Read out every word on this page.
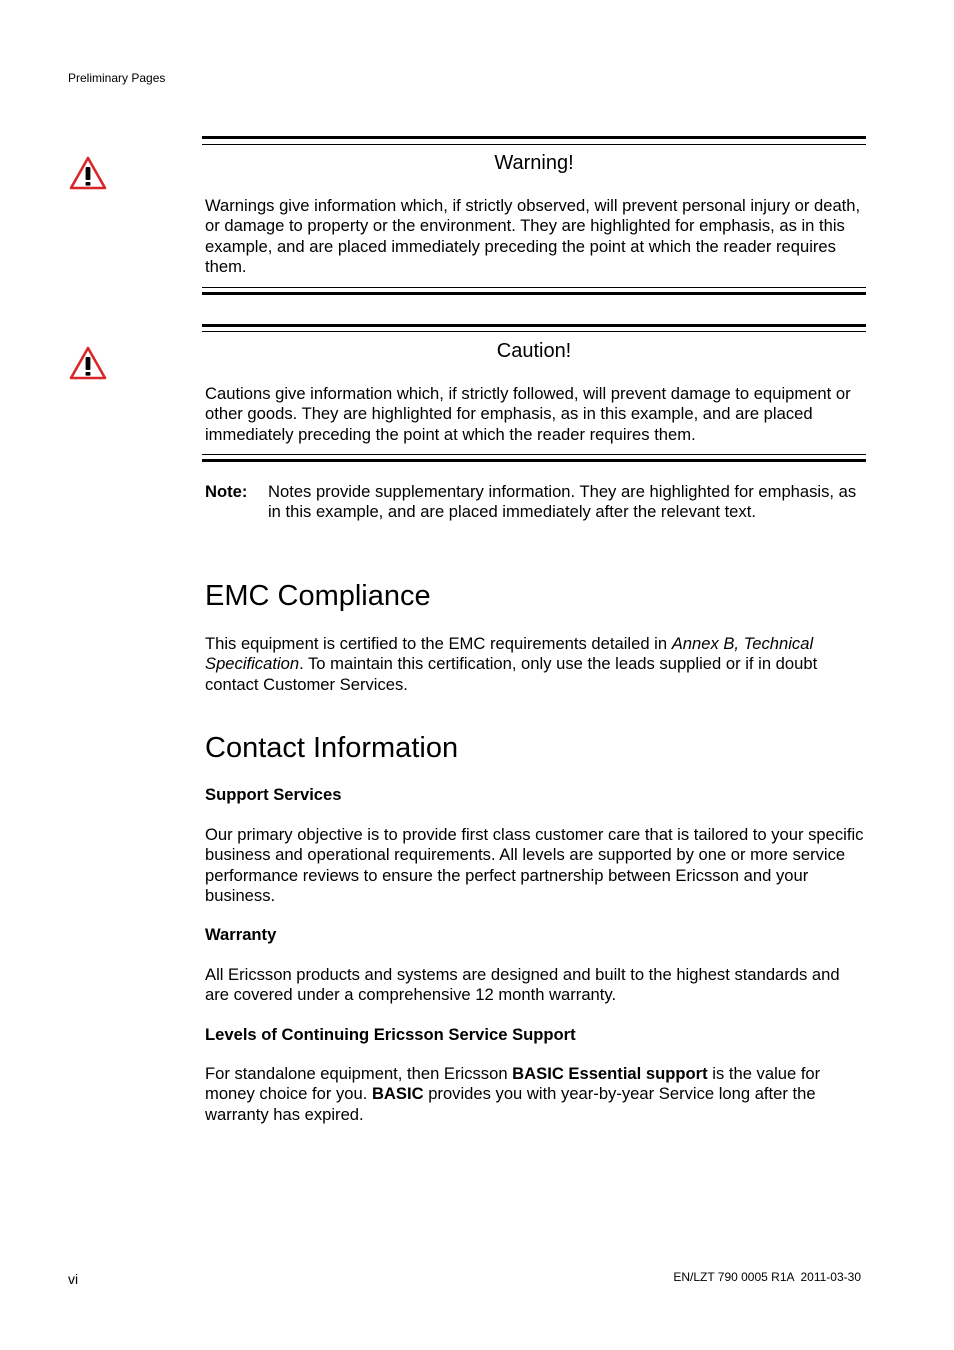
Preliminary Pages
Warning!
Warnings give information which, if strictly observed, will prevent personal injury or death, or damage to property or the environment. They are highlighted for emphasis, as in this example, and are placed immediately preceding the point at which the reader requires them.
Caution!
Cautions give information which, if strictly followed, will prevent damage to equipment or other goods. They are highlighted for emphasis, as in this example, and are placed immediately preceding the point at which the reader requires them.
Note: Notes provide supplementary information. They are highlighted for emphasis, as in this example, and are placed immediately after the relevant text.
EMC Compliance
This equipment is certified to the EMC requirements detailed in Annex B, Technical Specification. To maintain this certification, only use the leads supplied or if in doubt contact Customer Services.
Contact Information
Support Services
Our primary objective is to provide first class customer care that is tailored to your specific business and operational requirements. All levels are supported by one or more service performance reviews to ensure the perfect partnership between Ericsson and your business.
Warranty
All Ericsson products and systems are designed and built to the highest standards and are covered under a comprehensive 12 month warranty.
Levels of Continuing Ericsson Service Support
For standalone equipment, then Ericsson BASIC Essential support is the value for money choice for you. BASIC provides you with year-by-year Service long after the warranty has expired.
vi	EN/LZT 790 0005 R1A 2011-03-30
